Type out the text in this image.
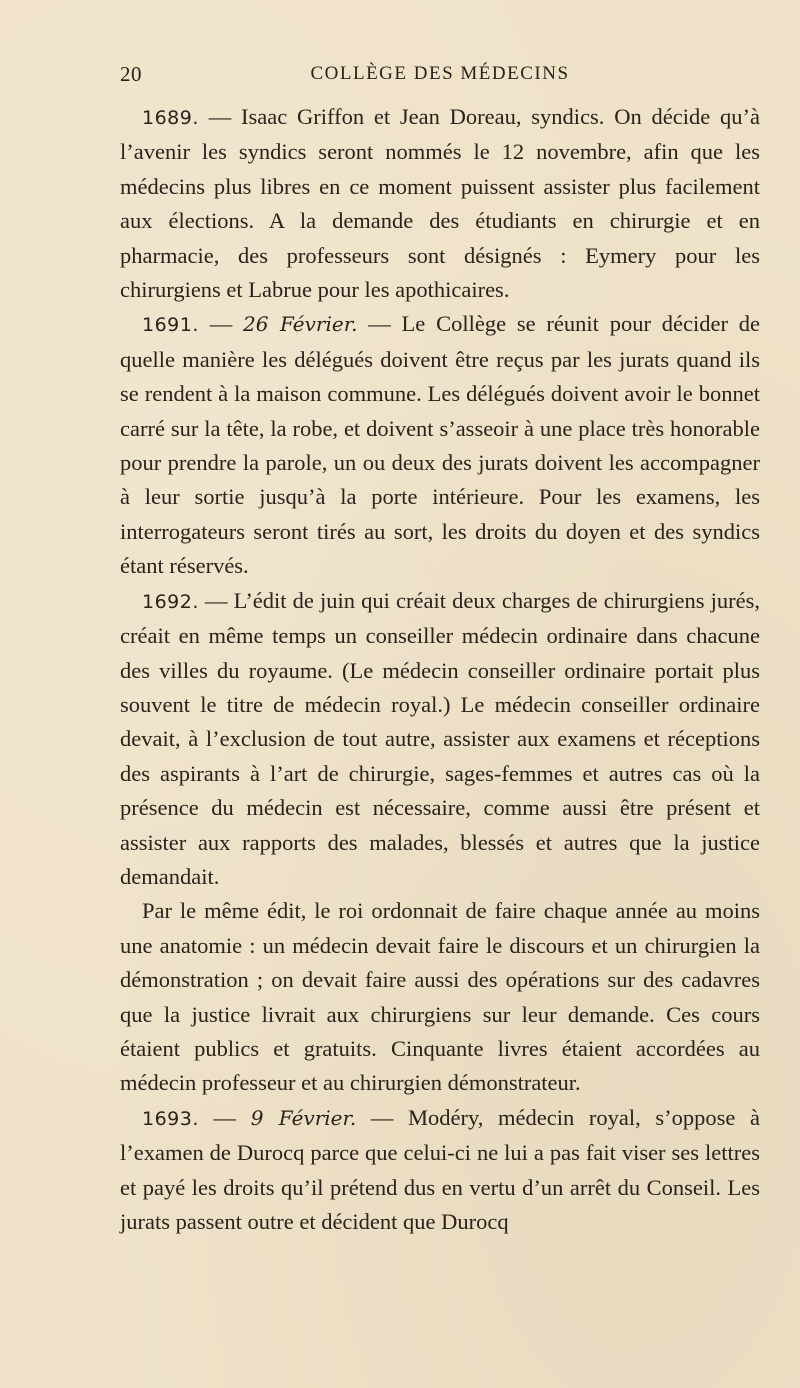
20	COLLÈGE DES MÉDECINS

1689. — Isaac Griffon et Jean Doreau, syndics. On décide qu’à l’avenir les syndics seront nommés le 12 novembre, afin que les médecins plus libres en ce moment puissent assister plus facilement aux élections. A la demande des étudiants en chirurgie et en pharmacie, des professeurs sont désignés : Eymery pour les chirurgiens et Labrue pour les apothicaires.

1691. — 26 Février. — Le Collège se réunit pour décider de quelle manière les délégués doivent être reçus par les jurats quand ils se rendent à la maison commune. Les délégués doivent avoir le bonnet carré sur la tête, la robe, et doivent s’asseoir à une place très honorable pour prendre la parole, un ou deux des jurats doivent les accompagner à leur sortie jusqu’à la porte intérieure. Pour les examens, les interrogateurs seront tirés au sort, les droits du doyen et des syndics étant réservés.

1692. — L’édit de juin qui créait deux charges de chirurgiens jurés, créait en même temps un conseiller médecin ordinaire dans chacune des villes du royaume. (Le médecin conseiller ordinaire portait plus souvent le titre de médecin royal.) Le médecin conseiller ordinaire devait, à l’exclusion de tout autre, assister aux examens et réceptions des aspirants à l’art de chirurgie, sages-femmes et autres cas où la présence du médecin est nécessaire, comme aussi être présent et assister aux rapports des malades, blessés et autres que la justice demandait.

Par le même édit, le roi ordonnait de faire chaque année au moins une anatomie : un médecin devait faire le discours et un chirurgien la démonstration ; on devait faire aussi des opérations sur des cadavres que la justice livrait aux chirurgiens sur leur demande. Ces cours étaient publics et gratuits. Cinquante livres étaient accordées au médecin professeur et au chirurgien démonstrateur.

1693. — 9 Février. — Modéry, médecin royal, s’oppose à l’examen de Durocq parce que celui-ci ne lui a pas fait viser ses lettres et payé les droits qu’il prétend dus en vertu d’un arrêt du Conseil. Les jurats passent outre et décident que Durocq
